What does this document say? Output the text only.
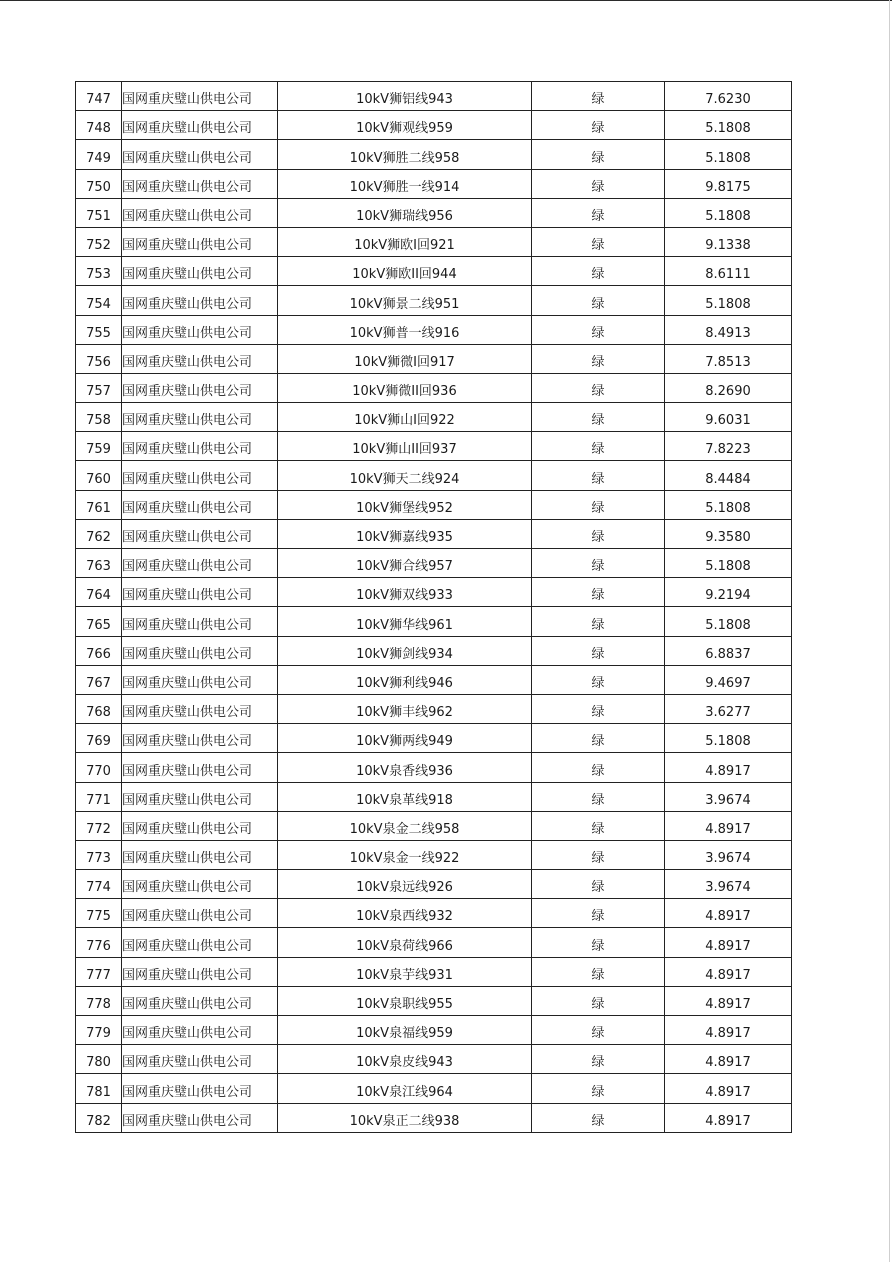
747	国网重庆璧山供电公司	10kV狮铝线943	绿	7.6230
748	国网重庆璧山供电公司	10kV狮观线959	绿	5.1808
749	国网重庆璧山供电公司	10kV狮胜二线958	绿	5.1808
750	国网重庆璧山供电公司	10kV狮胜一线914	绿	9.8175
751	国网重庆璧山供电公司	10kV狮瑞线956	绿	5.1808
752	国网重庆璧山供电公司	10kV狮欧I回921	绿	9.1338
753	国网重庆璧山供电公司	10kV狮欧II回944	绿	8.6111
754	国网重庆璧山供电公司	10kV狮景二线951	绿	5.1808
755	国网重庆璧山供电公司	10kV狮普一线916	绿	8.4913
756	国网重庆璧山供电公司	10kV狮微I回917	绿	7.8513
757	国网重庆璧山供电公司	10kV狮微II回936	绿	8.2690
758	国网重庆璧山供电公司	10kV狮山I回922	绿	9.6031
759	国网重庆璧山供电公司	10kV狮山II回937	绿	7.8223
760	国网重庆璧山供电公司	10kV狮天二线924	绿	8.4484
761	国网重庆璧山供电公司	10kV狮堡线952	绿	5.1808
762	国网重庆璧山供电公司	10kV狮嘉线935	绿	9.3580
763	国网重庆璧山供电公司	10kV狮合线957	绿	5.1808
764	国网重庆璧山供电公司	10kV狮双线933	绿	9.2194
765	国网重庆璧山供电公司	10kV狮华线961	绿	5.1808
766	国网重庆璧山供电公司	10kV狮剑线934	绿	6.8837
767	国网重庆璧山供电公司	10kV狮利线946	绿	9.4697
768	国网重庆璧山供电公司	10kV狮丰线962	绿	3.6277
769	国网重庆璧山供电公司	10kV狮两线949	绿	5.1808
770	国网重庆璧山供电公司	10kV泉香线936	绿	4.8917
771	国网重庆璧山供电公司	10kV泉革线918	绿	3.9674
772	国网重庆璧山供电公司	10kV泉金二线958	绿	4.8917
773	国网重庆璧山供电公司	10kV泉金一线922	绿	3.9674
774	国网重庆璧山供电公司	10kV泉远线926	绿	3.9674
775	国网重庆璧山供电公司	10kV泉西线932	绿	4.8917
776	国网重庆璧山供电公司	10kV泉荷线966	绿	4.8917
777	国网重庆璧山供电公司	10kV泉芋线931	绿	4.8917
778	国网重庆璧山供电公司	10kV泉职线955	绿	4.8917
779	国网重庆璧山供电公司	10kV泉福线959	绿	4.8917
780	国网重庆璧山供电公司	10kV泉皮线943	绿	4.8917
781	国网重庆璧山供电公司	10kV泉江线964	绿	4.8917
782	国网重庆璧山供电公司	10kV泉正二线938	绿	4.8917
